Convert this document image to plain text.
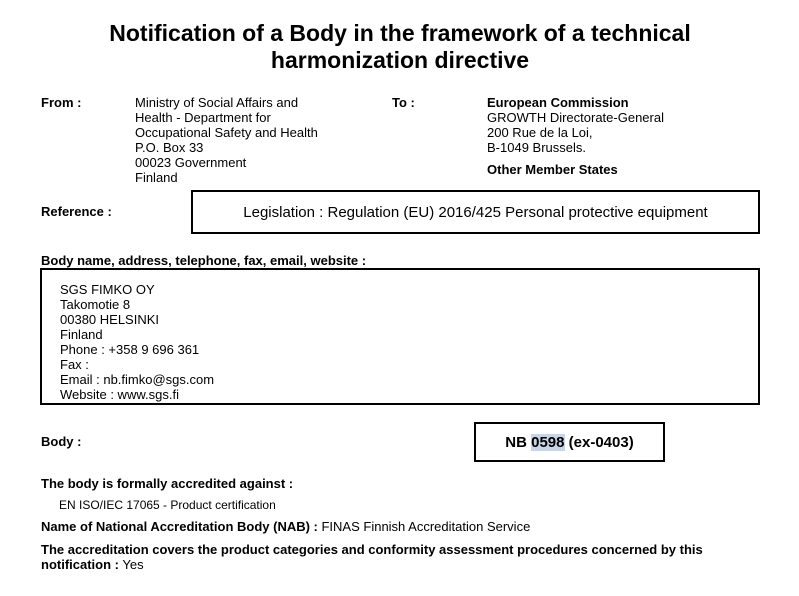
Notification of a Body in the framework of a technical
harmonization directive
From :	Ministry of Social Affairs and
Health - Department for
Occupational Safety and Health
P.O. Box 33
00023 Government
Finland
To :	European Commission
GROWTH Directorate-General
200 Rue de la Loi,
B-1049 Brussels.
Other Member States
Reference :	Legislation : Regulation (EU) 2016/425 Personal protective equipment
Body name, address, telephone, fax, email, website :
SGS FIMKO OY
Takomotie 8
00380 HELSINKI
Finland
Phone : +358 9 696 361
Fax :
Email : nb.fimko@sgs.com
Website : www.sgs.fi
Body :	NB 0598 (ex-0403)
The body is formally accredited against :
EN ISO/IEC 17065 - Product certification
Name of National Accreditation Body (NAB) : FINAS Finnish Accreditation Service
The accreditation covers the product categories and conformity assessment procedures concerned by this notification : Yes
